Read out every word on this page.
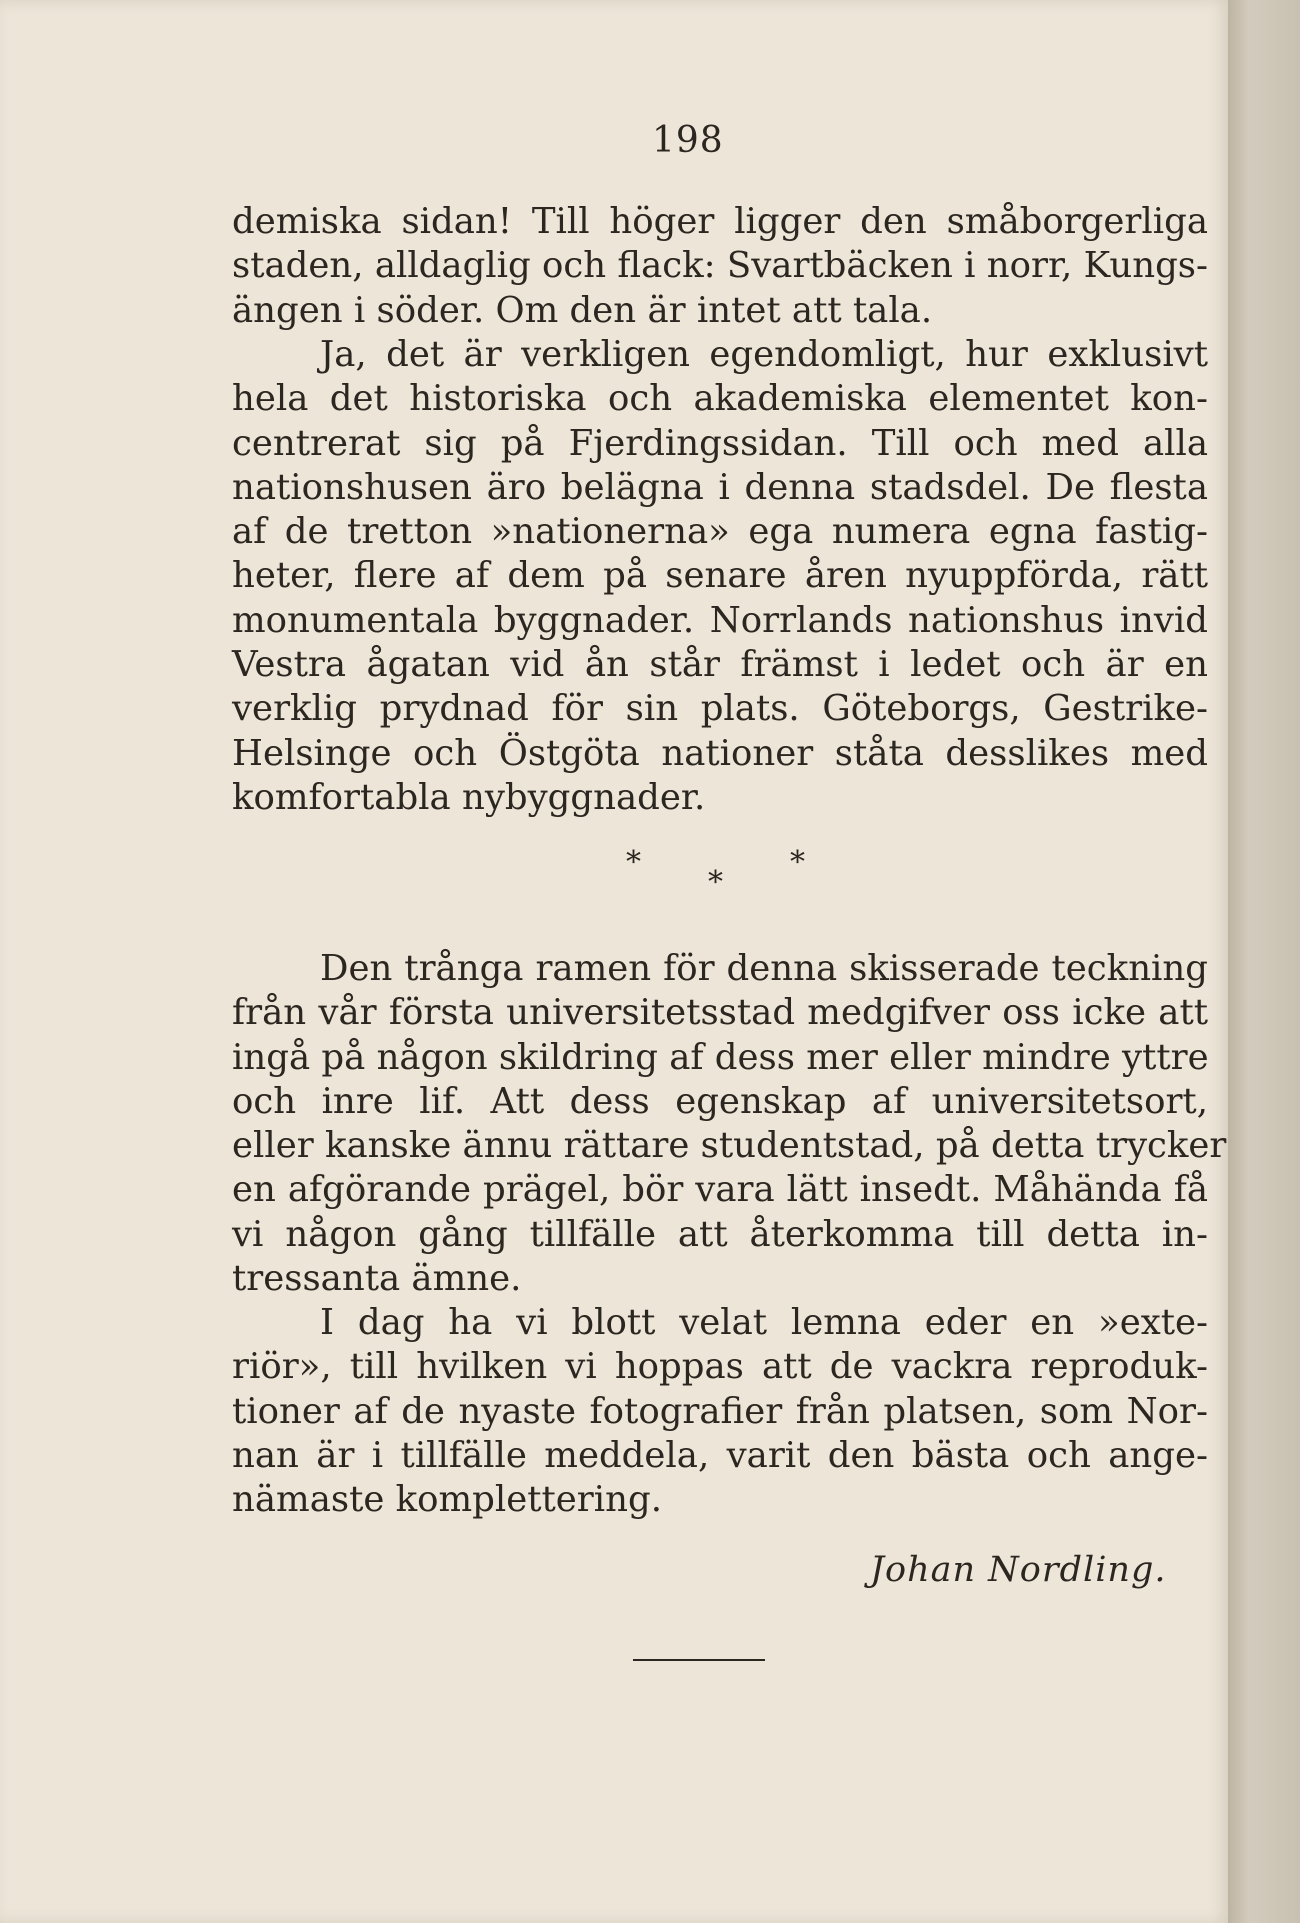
198
demiska sidan! Till höger ligger den småborgerliga
staden, alldaglig och flack: Svartbäcken i norr, Kungs-
ängen i söder. Om den är intet att tala.
Ja, det är verkligen egendomligt, hur exklusivt
hela det historiska och akademiska elementet kon-
centrerat sig på Fjerdingssidan. Till och med alla
nationshusen äro belägna i denna stadsdel. De flesta
af de tretton »nationerna» ega numera egna fastig-
heter, flere af dem på senare åren nyuppförda, rätt
monumentala byggnader. Norrlands nationshus invid
Vestra ågatan vid ån står främst i ledet och är en
verklig prydnad för sin plats. Göteborgs, Gestrike-
Helsinge och Östgöta nationer ståta desslikes med
komfortabla nybyggnader.
*
*
*
Den trånga ramen för denna skisserade teckning
från vår första universitetsstad medgifver oss icke att
ingå på någon skildring af dess mer eller mindre yttre
och inre lif. Att dess egenskap af universitetsort,
eller kanske ännu rättare studentstad, på detta trycker
en afgörande prägel, bör vara lätt insedt. Måhända få
vi någon gång tillfälle att återkomma till detta in-
tressanta ämne.
I dag ha vi blott velat lemna eder en »exte-
riör», till hvilken vi hoppas att de vackra reproduk-
tioner af de nyaste fotografier från platsen, som Nor-
nan är i tillfälle meddela, varit den bästa och ange-
nämaste komplettering.
Johan Nordling.
